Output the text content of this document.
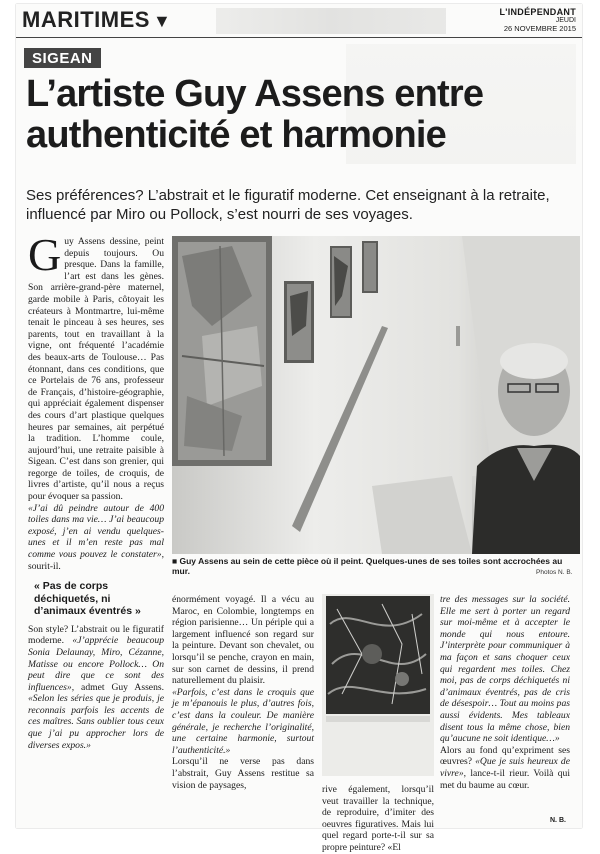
MARITIMES ▼	L'INDÉPENDANT
JEUDI
26 NOVEMBRE 2015
SIGEAN
L’artiste Guy Assens entre
authenticité et harmonie
Ses préférences? L’abstrait et le figuratif moderne. Cet enseignant à la retraite, influencé par Miro ou Pollock, s’est nourri de ses voyages.

Guy Assens dessine, peint depuis toujours. Ou presque. Dans la famille, l’art est dans les gènes. Son arrière-grand-père maternel, garde mobile à Paris, côtoyait les créateurs à Montmartre, lui-même tenait le pinceau à ses heures, ses parents, tout en travaillant à la vigne, ont fréquenté l’académie des beaux-arts de Toulouse… Pas étonnant, dans ces conditions, que ce Portelais de 76 ans, professeur de Français, d’histoire-géographie, qui appréciait également dispenser des cours d’art plastique quelques heures par semaines, ait perpétué la tradition. L’homme coule, aujourd’hui, une retraite paisible à Sigean. C’est dans son grenier, qui regorge de toiles, de croquis, de livres d’artiste, qu’il nous a reçus pour évoquer sa passion.

«J’ai dû peindre autour de 400 toiles dans ma vie… J’ai beaucoup exposé, j’en ai vendu quelques-unes et il m’en reste pas mal comme vous pouvez le constater», sourit-il.

« Pas de corps déchiquetés, ni d’animaux éventrés »

Son style? L’abstrait ou le figuratif moderne. «J’apprécie beaucoup Sonia Delaunay, Miro, Cézanne, Matisse ou encore Pollock… On peut dire que ce sont des influences», admet Guy Assens. «Selon les séries que je produis, je reconnais parfois les accents de ces maîtres. Sans oublier tous ceux que j’ai pu approcher lors de diverses expos.»

■ Guy Assens au sein de cette pièce où il peint. Quelques-unes de ses toiles sont accrochées au mur.	Photos N. B.

énormément voyagé. Il a vécu au Maroc, en Colombie, longtemps en région parisienne… Un périple qui a largement influencé son regard sur la peinture. Devant son chevalet, ou lorsqu’il se penche, crayon en main, sur son carnet de dessins, il prend naturellement du plaisir.

«Parfois, c’est dans le croquis que je m’épanouis le plus, d’autres fois, c’est dans la couleur. De manière générale, je recherche l’originalité, une certaine harmonie, surtout l’authenticité.»

Lorsqu’il ne verse pas dans l’abstrait, Guy Assens restitue sa vision de paysages,	rive également, lorsqu’il veut travailler la technique, de reproduire, d’imiter des oeuvres figuratives. Mais lui quel regard porte-t-il sur sa propre peinture? «El

tre des messages sur la société. Elle me sert à porter un regard sur moi-même et à accepter le monde qui nous entoure. J’interprète pour communiquer à ma façon et sans choquer ceux qui regardent mes toiles. Chez moi, pas de corps déchiquetés ni d’animaux éventrés, pas de cris de désespoir… Tout au moins pas aussi évidents. Mes tableaux disent tous la même chose, bien qu’aucune ne soit identique…»

Alors au fond qu’expriment ses œuvres? «Que je suis heureux de vivre», lance-t-il rieur. Voilà qui met du baume au cœur.

N. B.
